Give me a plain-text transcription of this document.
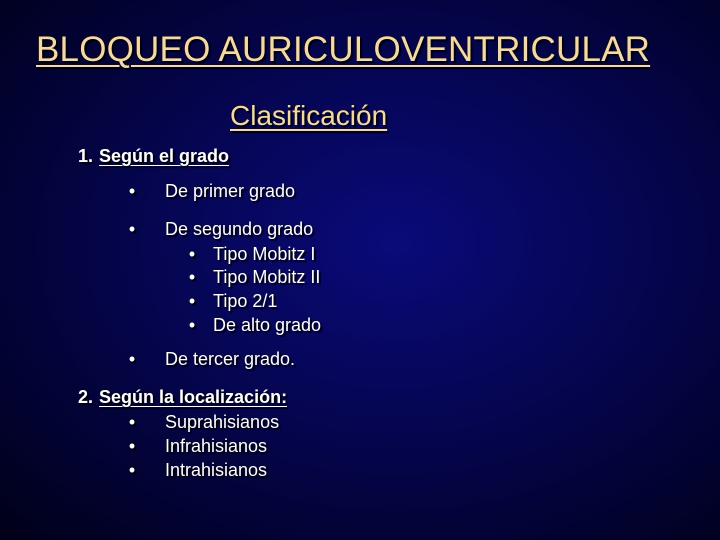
BLOQUEO AURICULOVENTRICULAR
Clasificación
1. Según el grado
• De primer grado
• De segundo grado
• Tipo Mobitz I
• Tipo Mobitz II
• Tipo 2/1
• De alto grado
• De tercer grado.
2. Según la localización:
• Suprahisianos
• Infrahisianos
• Intrahisianos
